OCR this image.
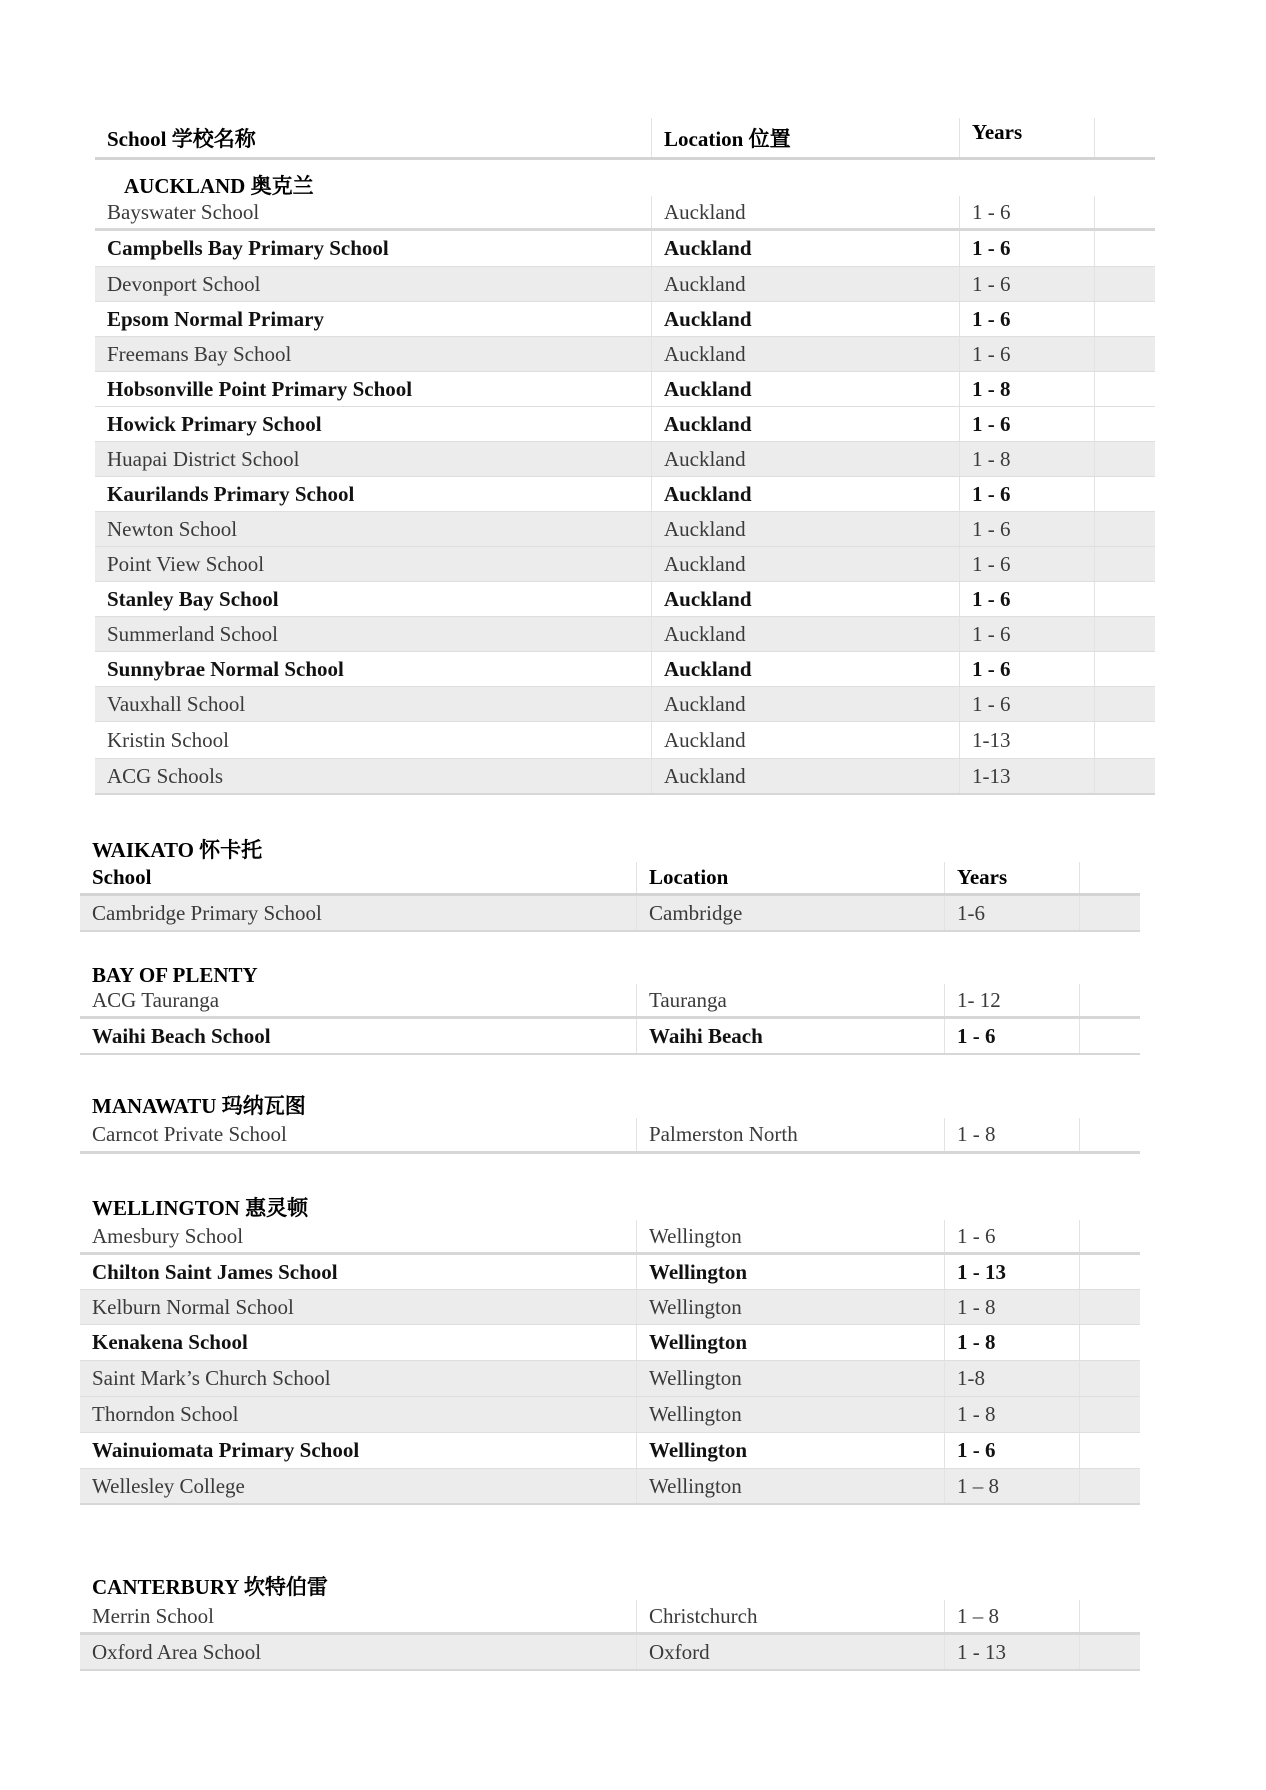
School 学校名称	Location 位置	Years
AUCKLAND 奥克兰
Bayswater School	Auckland	1 - 6
Campbells Bay Primary School	Auckland	1 - 6
Devonport School	Auckland	1 - 6
Epsom Normal Primary	Auckland	1 - 6
Freemans Bay School	Auckland	1 - 6
Hobsonville Point Primary School	Auckland	1 - 8
Howick Primary School	Auckland	1 - 6
Huapai District School	Auckland	1 - 8
Kaurilands Primary School	Auckland	1 - 6
Newton School	Auckland	1 - 6
Point View School	Auckland	1 - 6
Stanley Bay School	Auckland	1 - 6
Summerland School	Auckland	1 - 6
Sunnybrae Normal School	Auckland	1 - 6
Vauxhall School	Auckland	1 - 6
Kristin School	Auckland	1-13
ACG Schools	Auckland	1-13
WAIKATO 怀卡托
School	Location	Years
Cambridge Primary School	Cambridge	1-6
BAY OF PLENTY
ACG Tauranga	Tauranga	1- 12
Waihi Beach School	Waihi Beach	1 - 6
MANAWATU 玛纳瓦图
Carncot Private School	Palmerston North	1 - 8
WELLINGTON 惠灵顿
Amesbury School	Wellington	1 - 6
Chilton Saint James School	Wellington	1 - 13
Kelburn Normal School	Wellington	1 - 8
Kenakena School	Wellington	1 - 8
Saint Mark’s Church School	Wellington	1-8
Thorndon School	Wellington	1 - 8
Wainuiomata Primary School	Wellington	1 - 6
Wellesley College	Wellington	1 – 8
CANTERBURY 坎特伯雷
Merrin School	Christchurch	1 – 8
Oxford Area School	Oxford	1 - 13
